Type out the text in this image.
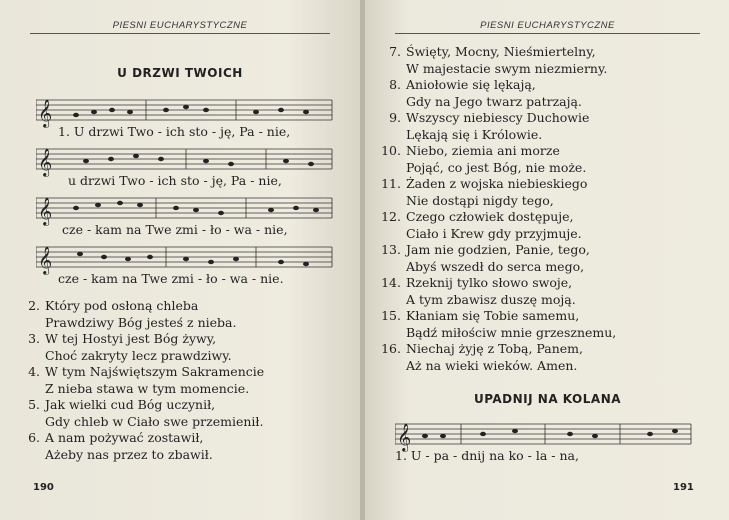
PIESNI EUCHARYSTYCZNE
U DRZWI TWOICH
𝄞
1. U drzwi Two - ich sto - ję, Pa - nie,
𝄞
u drzwi Two - ich sto - ję, Pa - nie,
𝄞
cze - kam na Twe zmi - ło - wa - nie,
𝄞
cze - kam na Twe zmi - ło - wa - nie.
2. Który pod osłoną chleba
Prawdziwy Bóg jesteś z nieba.
3. W tej Hostyi jest Bóg żywy,
Choć zakryty lecz prawdziwy.
4. W tym Najświętszym Sakramencie
Z nieba stawa w tym momencie.
5. Jak wielki cud Bóg uczynił,
Gdy chleb w Ciało swe przemienił.
6. A nam pożywać zostawił,
Ażeby nas przez to zbawił.
190
PIESNI EUCHARYSTYCZNE
7. Święty, Mocny, Nieśmiertelny,
W majestacie swym niezmierny.
8. Aniołowie się lękają,
Gdy na Jego twarz patrzają.
9. Wszyscy niebiescy Duchowie
Lękają się i Królowie.
10. Niebo, ziemia ani morze
Pojąć, co jest Bóg, nie może.
11. Żaden z wojska niebieskiego
Nie dostąpi nigdy tego,
12. Czego człowiek dostępuje,
Ciało i Krew gdy przyjmuje.
13. Jam nie godzien, Panie, tego,
Abyś wszedł do serca mego,
14. Rzeknij tylko słowo swoje,
A tym zbawisz duszę moją.
15. Kłaniam się Tobie samemu,
Bądź miłościw mnie grzesznemu,
16. Niechaj żyję z Tobą, Panem,
Aż na wieki wieków. Amen.
UPADNIJ NA KOLANA
𝄞
1. U - pa - dnij na ko - la - na,
191
